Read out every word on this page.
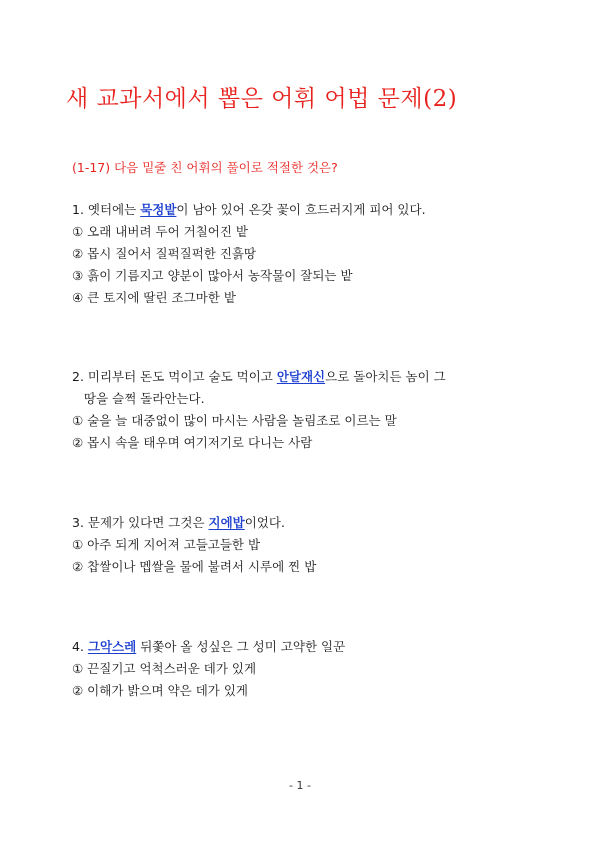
새 교과서에서 뽑은 어휘 어법 문제(2)
(1-17) 다음 밑줄 친 어휘의 풀이로 적절한 것은?
1. 옛터에는 묵정밭이 남아 있어 온갖 꽃이 흐드러지게 피어 있다.
① 오래 내버려 두어 거칠어진 밭
② 몹시 질어서 질퍽질퍽한 진흙땅
③ 흙이 기름지고 양분이 많아서 농작물이 잘되는 밭
④ 큰 토지에 딸린 조그마한 밭
2. 미리부터 돈도 먹이고 술도 먹이고 안달재신으로 돌아치든 놈이 그
땅을 슬쩍 돌라안는다.
① 술을 늘 대중없이 많이 마시는 사람을 놀림조로 이르는 말
② 몹시 속을 태우며 여기저기로 다니는 사람
3. 문제가 있다면 그것은 지에밥이었다.
① 아주 되게 지어져 고들고들한 밥
② 찹쌀이나 멥쌀을 물에 불려서 시루에 찐 밥
4. 그악스레 뒤쫓아 올 성싶은 그 성미 고약한 일꾼
① 끈질기고 억척스러운 데가 있게
② 이해가 밝으며 약은 데가 있게
- 1 -
